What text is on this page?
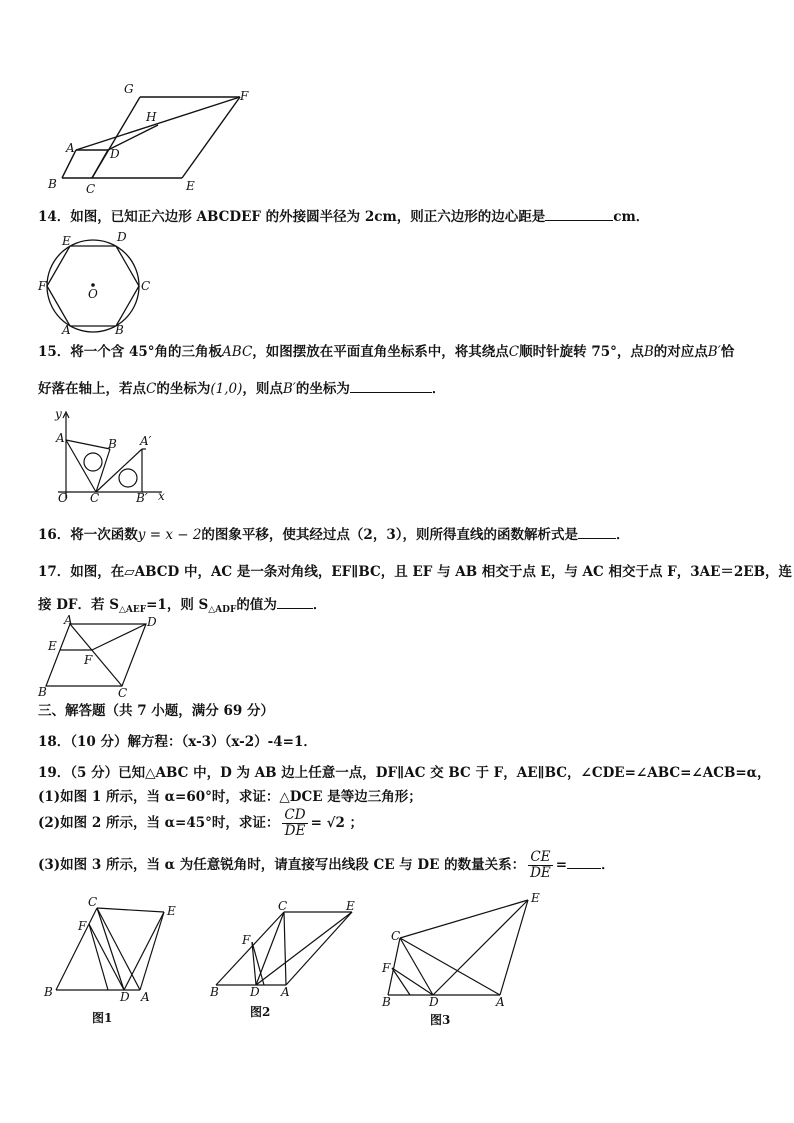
G	F
H
A	D
B C	E
14．如图，已知正六边形 ABCDEF 的外接圆半径为 2cm，则正六边形的边心距是	cm．
E	D
F	C
O
A	B
15．将一个含 45°角的三角板ABC，如图摆放在平面直角坐标系中，将其绕点C顺时针旋转 75°，点B的对应点B′恰
好落在轴上，若点C的坐标为(1,0)，则点B′的坐标为	．
y
x
A	B A′
O C	B′
16．将一次函数y = x − 2的图象平移，使其经过点（2，3），则所得直线的函数解析式是	．
17．如图，在▱ABCD 中，AC 是一条对角线，EF∥BC，且 EF 与 AB 相交于点 E，与 AC 相交于点 F，3AE＝2EB，连
接 DF．若 $S_{\triangle AEF}=1$，则 $S_{\triangle ADF}$的值为	．
A	D
E
F
B	C
三、解答题（共 7 小题，满分 69 分）
18．（10 分）解方程：（x-3）（x-2）-4=1．
19．（5 分）已知△ABC 中，D 为 AB 边上任意一点，DF∥AC 交 BC 于 F，AE∥BC，∠CDE=∠ABC=∠ACB=α，
(1)如图 1 所示，当 α=60°时，求证：△DCE 是等边三角形；
(2)如图 2 所示，当 α=45°时，求证： $\frac{CD}{DE} = √2$ ；
(3)如图 3 所示，当 α 为任意锐角时，请直接写出线段 CE 与 DE 的数量关系： $\frac{CE}{DE}$ =	．
C
E
F
B	D A
图1
C	E
F
B	D A
图2
C
E
F
B	D	A
图3
